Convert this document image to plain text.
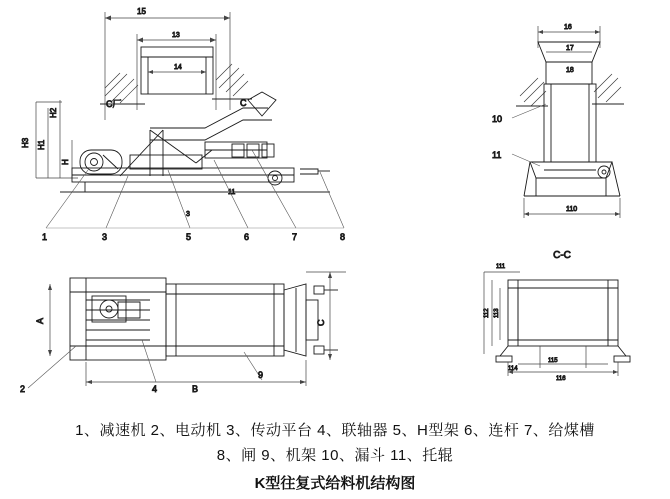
15
13
14
H3 H1
H2
H
C厂	C
11
1	3	5	6	7	8
3
16
17
18
10
11
110
A	C
B
2	4
9
C-C
111
112 113
114
115
116
1、减速机 2、电动机 3、传动平台 4、联轴器 5、H型架 6、连杆 7、给煤槽
8、闸 9、机架 10、漏斗 11、托辊
K型往复式给料机结构图
